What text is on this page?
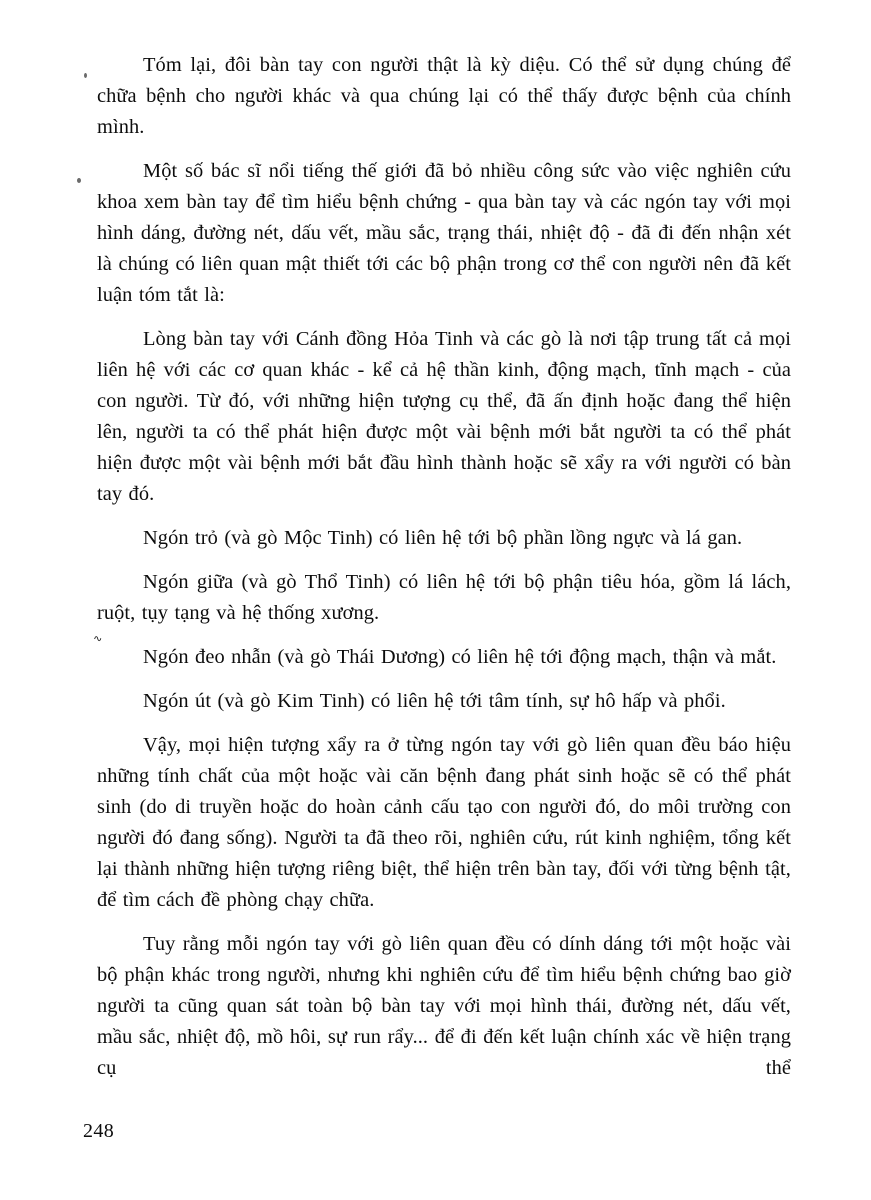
∿

Tóm lại, đôi bàn tay con người thật là kỳ diệu. Có thể sử dụng chúng để chữa bệnh cho người khác và qua chúng lại có thể thấy được bệnh của chính mình.

Một số bác sĩ nổi tiếng thế giới đã bỏ nhiều công sức vào việc nghiên cứu khoa xem bàn tay để tìm hiểu bệnh chứng - qua bàn tay và các ngón tay với mọi hình dáng, đường nét, dấu vết, mầu sắc, trạng thái, nhiệt độ - đã đi đến nhận xét là chúng có liên quan mật thiết tới các bộ phận trong cơ thể con người nên đã kết luận tóm tắt là:

Lòng bàn tay với Cánh đồng Hỏa Tinh và các gò là nơi tập trung tất cả mọi liên hệ với các cơ quan khác - kể cả hệ thần kinh, động mạch, tĩnh mạch - của con người. Từ đó, với những hiện tượng cụ thể, đã ấn định hoặc đang thể hiện lên, người ta có thể phát hiện được một vài bệnh mới bắt người ta có thể phát hiện được một vài bệnh mới bắt đầu hình thành hoặc sẽ xẩy ra với người có bàn tay đó.

Ngón trỏ (và gò Mộc Tinh) có liên hệ tới bộ phần lồng ngực và lá gan.

Ngón giữa (và gò Thổ Tinh) có liên hệ tới bộ phận tiêu hóa, gồm lá lách, ruột, tụy tạng và hệ thống xương.

Ngón đeo nhẫn (và gò Thái Dương) có liên hệ tới động mạch, thận và mắt.

Ngón út (và gò Kim Tinh) có liên hệ tới tâm tính, sự hô hấp và phổi.

Vậy, mọi hiện tượng xẩy ra ở từng ngón tay với gò liên quan đều báo hiệu những tính chất của một hoặc vài căn bệnh đang phát sinh hoặc sẽ có thể phát sinh (do di truyền hoặc do hoàn cảnh cấu tạo con người đó, do môi trường con người đó đang sống). Người ta đã theo rõi, nghiên cứu, rút kinh nghiệm, tổng kết lại thành những hiện tượng riêng biệt, thể hiện trên bàn tay, đối với từng bệnh tật, để tìm cách đề phòng chạy chữa.

Tuy rằng mỗi ngón tay với gò liên quan đều có dính dáng tới một hoặc vài bộ phận khác trong người, nhưng khi nghiên cứu để tìm hiểu bệnh chứng bao giờ người ta cũng quan sát toàn bộ bàn tay với mọi hình thái, đường nét, dấu vết, mầu sắc, nhiệt độ, mồ hôi, sự run rẩy... để đi đến kết luận chính xác về hiện trạng cụ thể

248
